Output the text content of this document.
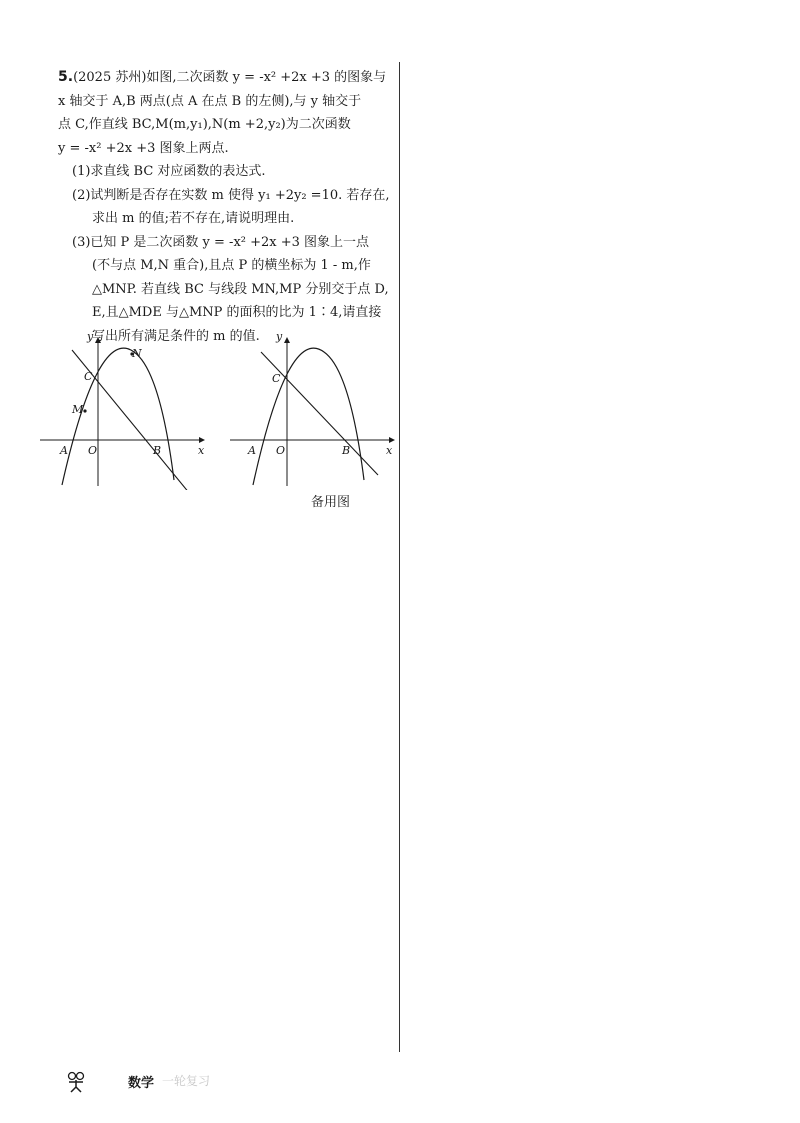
5.(2025 苏州)如图,二次函数 y = -x² +2x +3 的图象与
x 轴交于 A,B 两点(点 A 在点 B 的左侧),与 y 轴交于
点 C,作直线 BC,M(m,y₁),N(m +2,y₂)为二次函数
y = -x² +2x +3 图象上两点.
(1)求直线 BC 对应函数的表达式.
(2)试判断是否存在实数 m 使得 y₁ +2y₂ =10. 若存在,
求出 m 的值;若不存在,请说明理由.
(3)已知 P 是二次函数 y = -x² +2x +3 图象上一点
(不与点 M,N 重合),且点 P 的横坐标为 1 - m,作
△MNP. 若直线 BC 与线段 MN,MP 分别交于点 D,
E,且△MDE 与△MNP 的面积的比为 1∶4,请直接
写出所有满足条件的 m 的值.
y
x
O
A	B
C
M
N
y
x
O
A	B
C
备用图
数学 一轮复习
